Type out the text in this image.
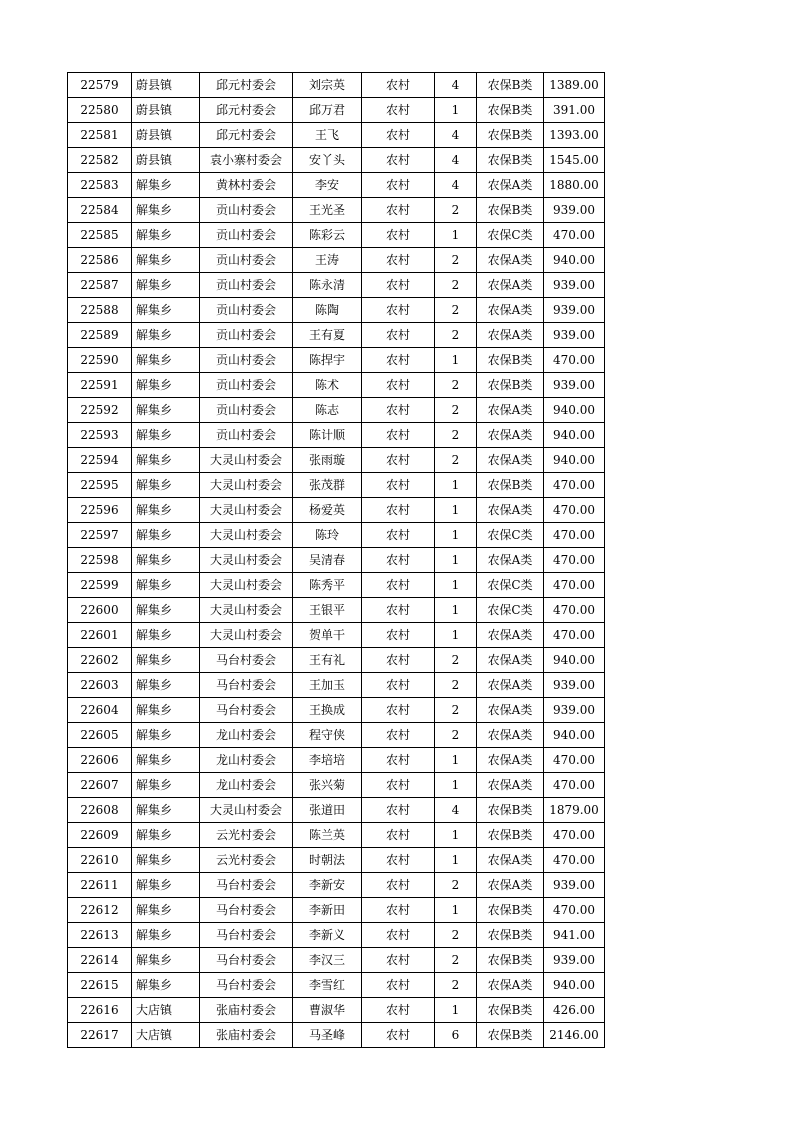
22579	蔚县镇	邱元村委会	刘宗英	农村	4	农保B类	1389.00
22580	蔚县镇	邱元村委会	邱万君	农村	1	农保B类	391.00
22581	蔚县镇	邱元村委会	王飞	农村	4	农保B类	1393.00
22582	蔚县镇	袁小寨村委会	安丫头	农村	4	农保B类	1545.00
22583	解集乡	黄林村委会	李安	农村	4	农保A类	1880.00
22584	解集乡	贡山村委会	王光圣	农村	2	农保B类	939.00
22585	解集乡	贡山村委会	陈彩云	农村	1	农保C类	470.00
22586	解集乡	贡山村委会	王涛	农村	2	农保A类	940.00
22587	解集乡	贡山村委会	陈永清	农村	2	农保A类	939.00
22588	解集乡	贡山村委会	陈陶	农村	2	农保A类	939.00
22589	解集乡	贡山村委会	王有夏	农村	2	农保A类	939.00
22590	解集乡	贡山村委会	陈捍宇	农村	1	农保B类	470.00
22591	解集乡	贡山村委会	陈术	农村	2	农保B类	939.00
22592	解集乡	贡山村委会	陈志	农村	2	农保A类	940.00
22593	解集乡	贡山村委会	陈计顺	农村	2	农保A类	940.00
22594	解集乡	大灵山村委会	张雨璇	农村	2	农保A类	940.00
22595	解集乡	大灵山村委会	张茂群	农村	1	农保B类	470.00
22596	解集乡	大灵山村委会	杨爱英	农村	1	农保A类	470.00
22597	解集乡	大灵山村委会	陈玲	农村	1	农保C类	470.00
22598	解集乡	大灵山村委会	吴清春	农村	1	农保A类	470.00
22599	解集乡	大灵山村委会	陈秀平	农村	1	农保C类	470.00
22600	解集乡	大灵山村委会	王银平	农村	1	农保C类	470.00
22601	解集乡	大灵山村委会	贺单干	农村	1	农保A类	470.00
22602	解集乡	马台村委会	王有礼	农村	2	农保A类	940.00
22603	解集乡	马台村委会	王加玉	农村	2	农保A类	939.00
22604	解集乡	马台村委会	王换成	农村	2	农保A类	939.00
22605	解集乡	龙山村委会	程守侠	农村	2	农保A类	940.00
22606	解集乡	龙山村委会	李培培	农村	1	农保A类	470.00
22607	解集乡	龙山村委会	张兴菊	农村	1	农保A类	470.00
22608	解集乡	大灵山村委会	张道田	农村	4	农保B类	1879.00
22609	解集乡	云光村委会	陈兰英	农村	1	农保B类	470.00
22610	解集乡	云光村委会	时朝法	农村	1	农保A类	470.00
22611	解集乡	马台村委会	李新安	农村	2	农保A类	939.00
22612	解集乡	马台村委会	李新田	农村	1	农保B类	470.00
22613	解集乡	马台村委会	李新义	农村	2	农保B类	941.00
22614	解集乡	马台村委会	李汉三	农村	2	农保B类	939.00
22615	解集乡	马台村委会	李雪红	农村	2	农保A类	940.00
22616	大店镇	张庙村委会	曹淑华	农村	1	农保B类	426.00
22617	大店镇	张庙村委会	马圣峰	农村	6	农保B类	2146.00
